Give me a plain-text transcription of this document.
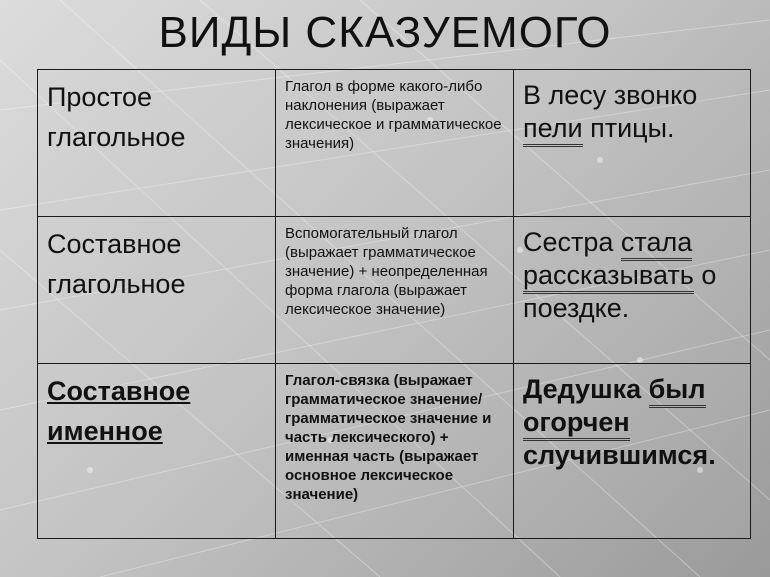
ВИДЫ СКАЗУЕМОГО
Простое
глагольное	Глагол в форме какого-либо наклонения (выражает лексическое и грамматическое значения)	В лесу звонко пели птицы.

Составное
глагольное	Вспомогательный глагол (выражает грамматическое значение) + неопределенная форма глагола (выражает лексическое значение)	Сестра стала рассказывать о поездке.

Составное
именное	Глагол-связка (выражает грамматическое значение/грамматическое значение и часть лексического) + именная часть (выражает основное лексическое значение)	Дедушка был огорчен случившимся.
